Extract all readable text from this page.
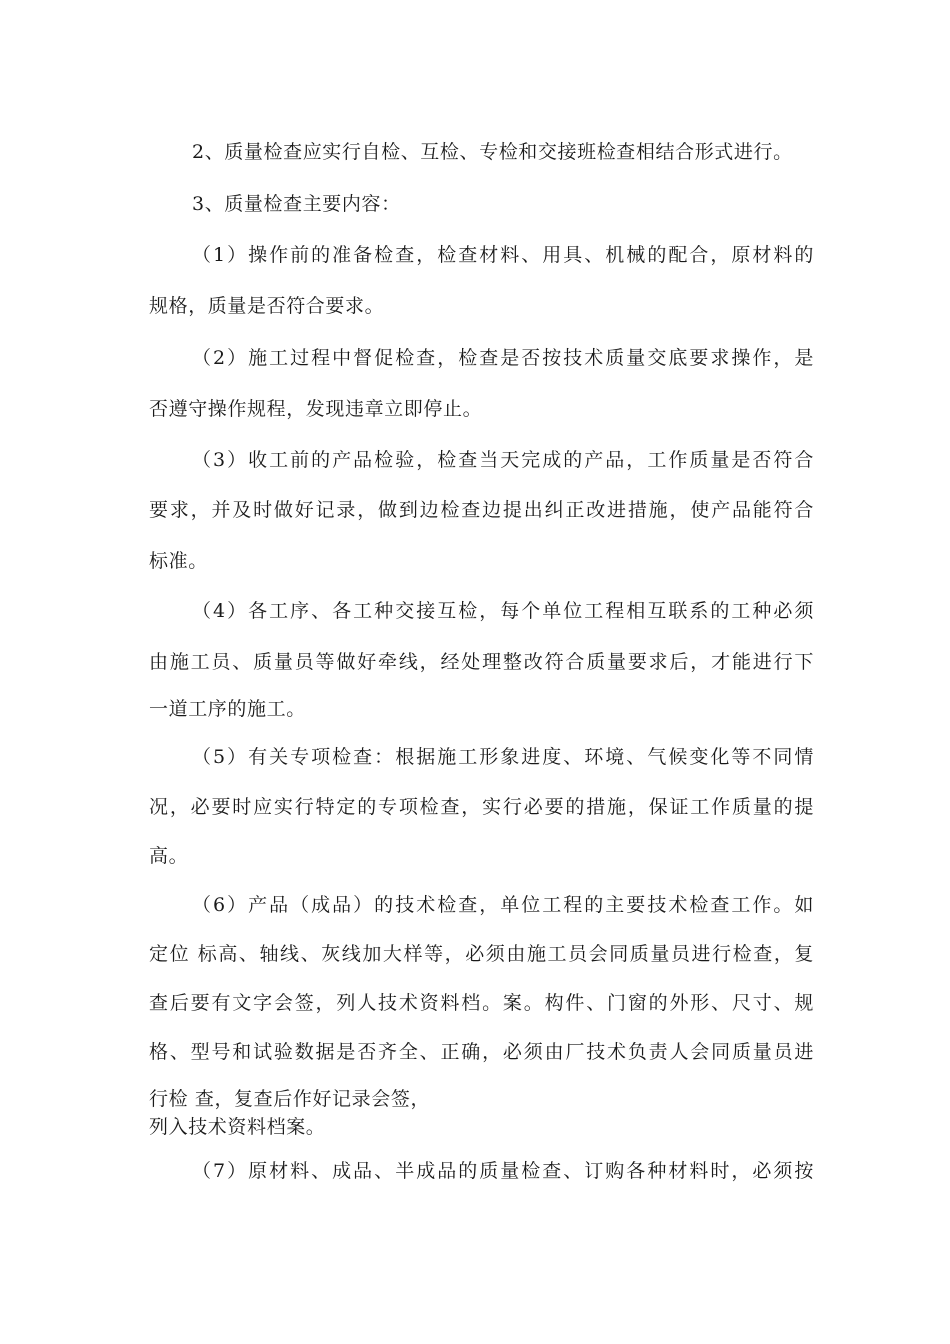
2、质量检查应实行自检、互检、专检和交接班检查相结合形式进行。
3、质量检查主要内容：
（1）操作前的准备检查，检查材料、用具、机械的配合，原材料的
规格，质量是否符合要求。
（2）施工过程中督促检查，检查是否按技术质量交底要求操作，是
否遵守操作规程，发现违章立即停止。
（3）收工前的产品检验，检查当天完成的产品，工作质量是否符合
要求，并及时做好记录，做到边检查边提出纠正改进措施，使产品能符合
标准。
（4）各工序、各工种交接互检，每个单位工程相互联系的工种必须
由施工员、质量员等做好牵线，经处理整改符合质量要求后，才能进行下
一道工序的施工。
（5）有关专项检查：根据施工形象进度、环境、气候变化等不同情
况，必要时应实行特定的专项检查，实行必要的措施，保证工作质量的提
高。
（6）产品（成品）的技术检查，单位工程的主要技术检查工作。如
定位 标高、轴线、灰线加大样等，必须由施工员会同质量员进行检查，复
查后要有文字会签，列人技术资料档。案。构件、门窗的外形、尺寸、规
格、型号和试验数据是否齐全、正确，必须由厂技术负责人会同质量员进
行检 查，复查后作好记录会签，
列入技术资料档案。
（7）原材料、成品、半成品的质量检查、订购各种材料时，必须按
